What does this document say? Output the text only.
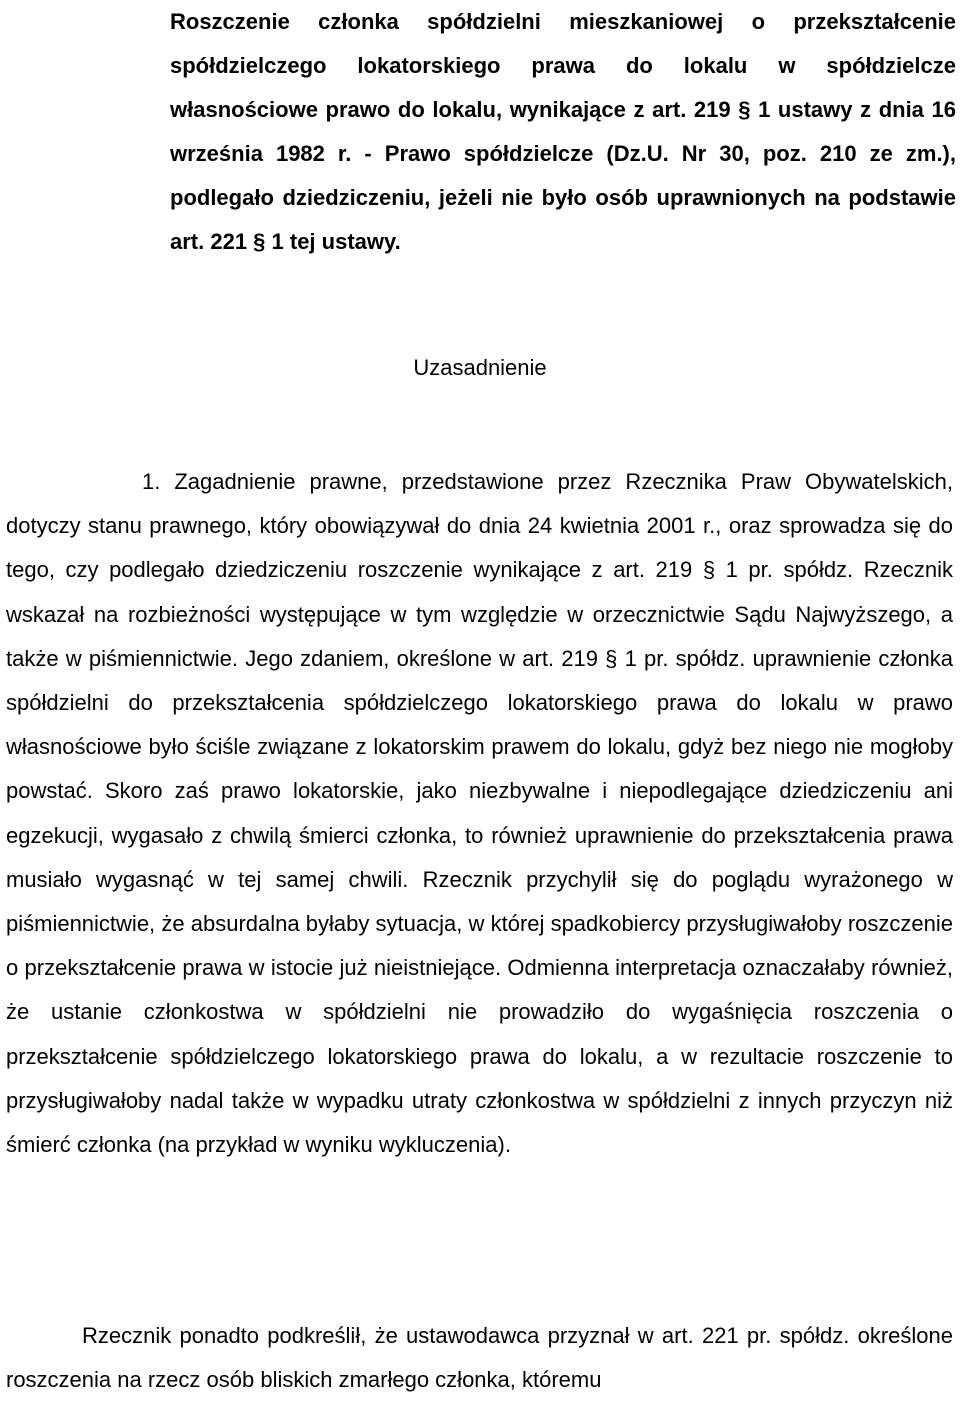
Roszczenie członka spółdzielni mieszkaniowej o przekształcenie spółdzielczego lokatorskiego prawa do lokalu w spółdzielcze własnościowe prawo do lokalu, wynikające z art. 219 § 1 ustawy z dnia 16 września 1982 r. - Prawo spółdzielcze (Dz.U. Nr 30, poz. 210 ze zm.), podlegało dziedziczeniu, jeżeli nie było osób uprawnionych na podstawie art. 221 § 1 tej ustawy.

Uzasadnienie

1. Zagadnienie prawne, przedstawione przez Rzecznika Praw Obywatelskich, dotyczy stanu prawnego, który obowiązywał do dnia 24 kwietnia 2001 r., oraz sprowadza się do tego, czy podlegało dziedziczeniu roszczenie wynikające z art. 219 § 1 pr. spółdz. Rzecznik wskazał na rozbieżności występujące w tym względzie w orzecznictwie Sądu Najwyższego, a także w piśmiennictwie. Jego zdaniem, określone w art. 219 § 1 pr. spółdz. uprawnienie członka spółdzielni do przekształcenia spółdzielczego lokatorskiego prawa do lokalu w prawo własnościowe było ściśle związane z lokatorskim prawem do lokalu, gdyż bez niego nie mogłoby powstać. Skoro zaś prawo lokatorskie, jako niezbywalne i niepodlegające dziedziczeniu ani egzekucji, wygasało z chwilą śmierci członka, to również uprawnienie do przekształcenia prawa musiało wygasnąć w tej samej chwili. Rzecznik przychylił się do poglądu wyrażonego w piśmiennictwie, że absurdalna byłaby sytuacja, w której spadkobiercy przysługiwałoby roszczenie o przekształcenie prawa w istocie już nieistniejące. Odmienna interpretacja oznaczałaby również, że ustanie członkostwa w spółdzielni nie prowadziło do wygaśnięcia roszczenia o przekształcenie spółdzielczego lokatorskiego prawa do lokalu, a w rezultacie roszczenie to przysługiwałoby nadal także w wypadku utraty członkostwa w spółdzielni z innych przyczyn niż śmierć członka (na przykład w wyniku wykluczenia).

Rzecznik ponadto podkreślił, że ustawodawca przyznał w art. 221 pr. spółdz. określone roszczenia na rzecz osób bliskich zmarłego członka, któremu
